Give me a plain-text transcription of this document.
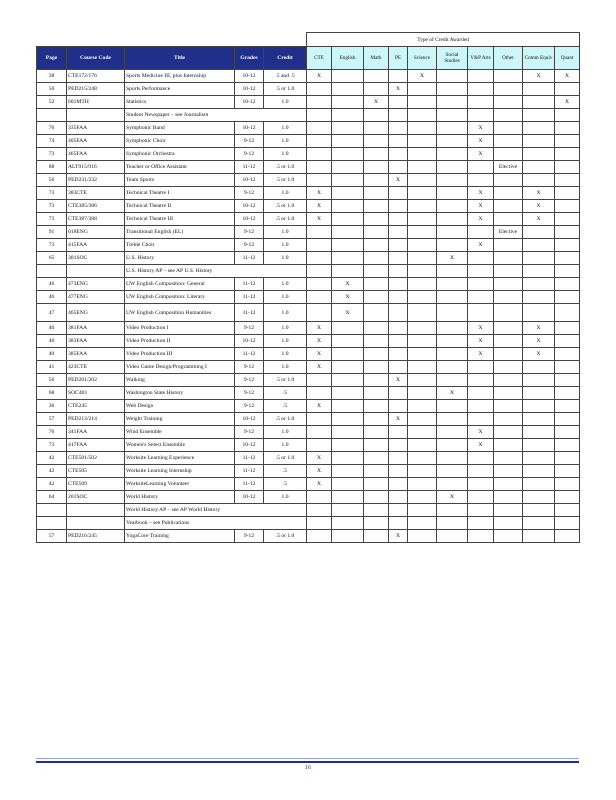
					Type of Credit Awarded									
Page	Course Code	Title	Grades	Credit	CTE	English	Math	PE	Science	Social Studies	V&P Arts	Other	Comm Equiv	Quant
38	CTE172/176	Sports Medicine III, plus Internship	10-12	.5 and .5	X				X				X	X
56	PED215/248	Sports Performance	10-12	.5 or 1.0				X						
52	601MTH	Statistics	10-12	1.0			X							X
		Student Newspaper – see Journalism												
76	335FAA	Symphonic Band	10-12	1.0							X			
74	405FAA	Symphonic Choir	9-12	1.0							X			
73	465FAA	Symphonic Orchestra	9-12	1.0							X			
88	ALT915/916	Teacher or Office Assistant	11-12	.5 or 1.0								Elective		
56	PED231/232	Team Sports	10-12	.5 or 1.0				X						
73	383CTE	Technical Theatre I	9-12	1.0	X						X		X	
73	CTE385/386	Technical Theatre II	10-12	.5 or 1.0	X						X		X	
73	CTE387/388	Technical Theatre III	10-12	.5 or 1.0	X						X		X	
91	018ENG	Transitional English (EL)	9-12	1.0								Elective		
73	415FAA	Treble Choir	9-12	1.0							X			
65	301SOC	U.S. History	11-12	1.0						X				
		U.S. History AP – see AP U.S. History												
46	473ENG	UW English Composition: General	11-12	1.0		X								
46	477ENG	UW English Composition: Literary	11-12	1.0		X								
47	465ENG	UW English Composition Humanities	11-12	1.0		X								
40	381FAA	Video Production I	9-12	1.0	X						X		X	
40	383FAA	Video Production II	10-12	1.0	X						X		X	
40	385FAA	Video Production III	11-12	1.0	X						X		X	
41	423CTE	Video Game Design/Programming I	9-12	1.0	X									
56	PED201/202	Walking	9-12	.5 or 1.0				X						
68	SOC401	Washington State History	9-12	.5						X				
36	CTE245	Web Design	9-12	.5	X									
57	PED213/214	Weight Training	10-12	.5 or 1.0				X						
76	341FAA	Wind Ensemble	9-12	1.0							X			
73	417FAA	Women's Select Ensemble	10-12	1.0							X			
42	CTE501/502	Worksite Learning Experience	11-12	.5 or 1.0	X									
42	CTE505	Worksite Learning Internship	11-12	.5	X									
42	CTE509	WorksiteLearning Volunteer	11-12	.5	X									
64	201SOC	World History	10-12	1.0						X				
		World History AP – see AP World History												
		Yearbook – see Publications												
57	PED216/245	YogaCore Training	9-12	.5 or 1.0				X						
16
